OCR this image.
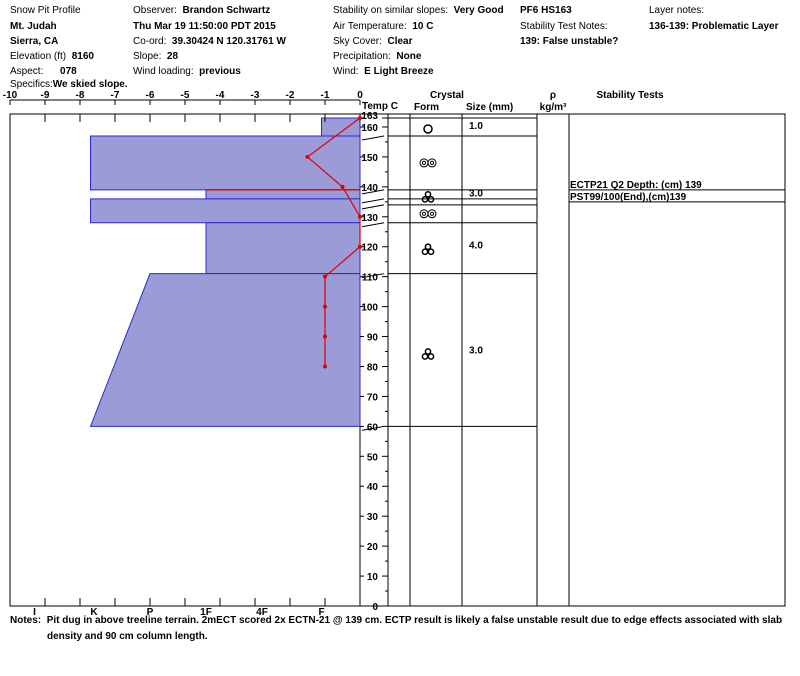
Snow Pit Profile
Mt. Judah
Sierra, CA
Elevation (ft) 8160
Aspect: 078
Specifics:We skied slope.
Observer: Brandon Schwartz
Thu Mar 19 11:50:00 PDT 2015
Co-ord: 39.30424 N 120.31761 W
Slope: 28
Wind loading: previous
Stability on similar slopes: Very Good
Air Temperature: 10 C
Sky Cover: Clear
Precipitation: None
Wind: E Light Breeze
PF6 HS163
Stability Test Notes:
139: False unstable?
Layer notes:
136-139: Problematic Layer
-10 -9	-8	-7	-6	-5	-4	-3	-2	-1	0
I	K	P	1F	4F	F	0
10
20
30
40
50
60
70
80
90
100
110
120
130
140
150
160
163
Temp C
Crystal
Form	Size (mm)
ρ
kg/m³
Stability Tests
1.0
3.0
4.0
3.0
ECTP21 Q2 Depth: (cm) 139
PST99/100(End),(cm)139
Notes: Pit dug in above treeline terrain. 2mECT scored 2x ECTN-21 @ 139 cm. ECTP result is likely a false unstable result due to edge effects associated with slab
density and 90 cm column length.
